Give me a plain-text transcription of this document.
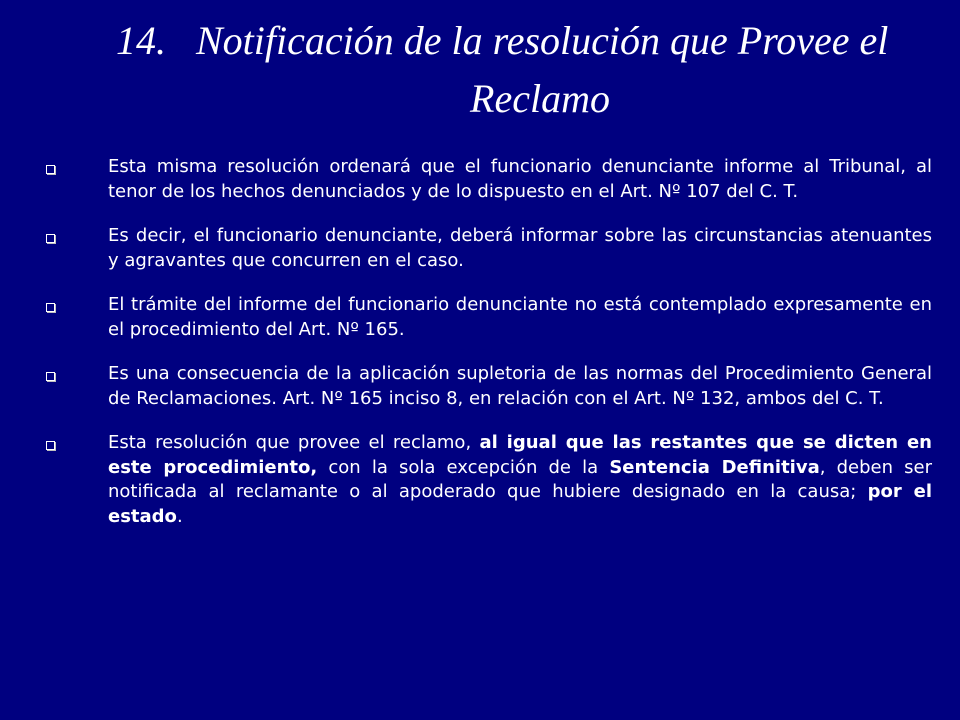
14. Notificación de la resolución que Provee el
Reclamo
Esta misma resolución ordenará que el funcionario denunciante informe al Tribunal, al tenor de los hechos denunciados y de lo dispuesto en el Art. Nº 107 del C. T.
Es decir, el funcionario denunciante, deberá informar sobre las circunstancias atenuantes y agravantes que concurren en el caso.
El trámite del informe del funcionario denunciante no está contemplado expresamente en el procedimiento del Art. Nº 165.
Es una consecuencia de la aplicación supletoria de las normas del Procedimiento General de Reclamaciones. Art. Nº 165 inciso 8, en relación con el Art. Nº 132, ambos del C. T.
Esta resolución que provee el reclamo, al igual que las restantes que se dicten en este procedimiento, con la sola excepción de la Sentencia Definitiva, deben ser notificada al reclamante o al apoderado que hubiere designado en la causa; por el estado.
